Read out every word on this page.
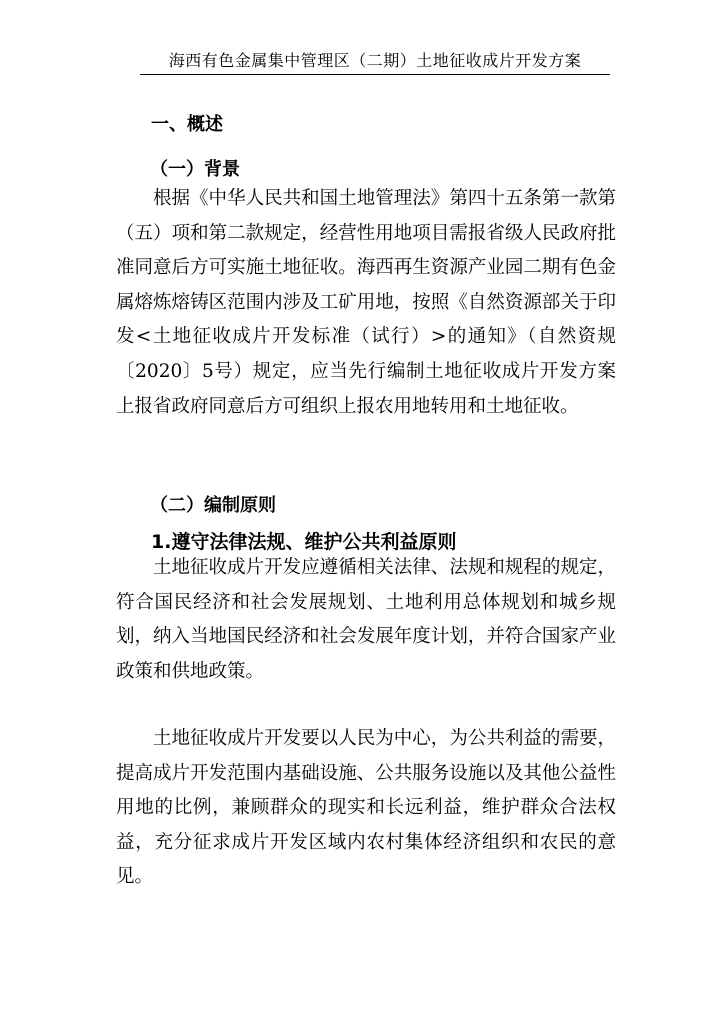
海西有色金属集中管理区（二期）土地征收成片开发方案
一、概述
（一）背景

根据《中华人民共和国土地管理法》第四十五条第一款第（五）项和第二款规定，经营性用地项目需报省级人民政府批准同意后方可实施土地征收。海西再生资源产业园二期有色金属熔炼熔铸区范围内涉及工矿用地，按照《自然资源部关于印发<土地征收成片开发标准（试行）>的通知》（自然资规〔2020〕5号）规定，应当先行编制土地征收成片开发方案上报省政府同意后方可组织上报农用地转用和土地征收。

（二）编制原则
1.遵守法律法规、维护公共利益原则

土地征收成片开发应遵循相关法律、法规和规程的规定，符合国民经济和社会发展规划、土地利用总体规划和城乡规划，纳入当地国民经济和社会发展年度计划，并符合国家产业政策和供地政策。

土地征收成片开发要以人民为中心，为公共利益的需要，提高成片开发范围内基础设施、公共服务设施以及其他公益性用地的比例，兼顾群众的现实和长远利益，维护群众合法权益，充分征求成片开发区域内农村集体经济组织和农民的意见。
